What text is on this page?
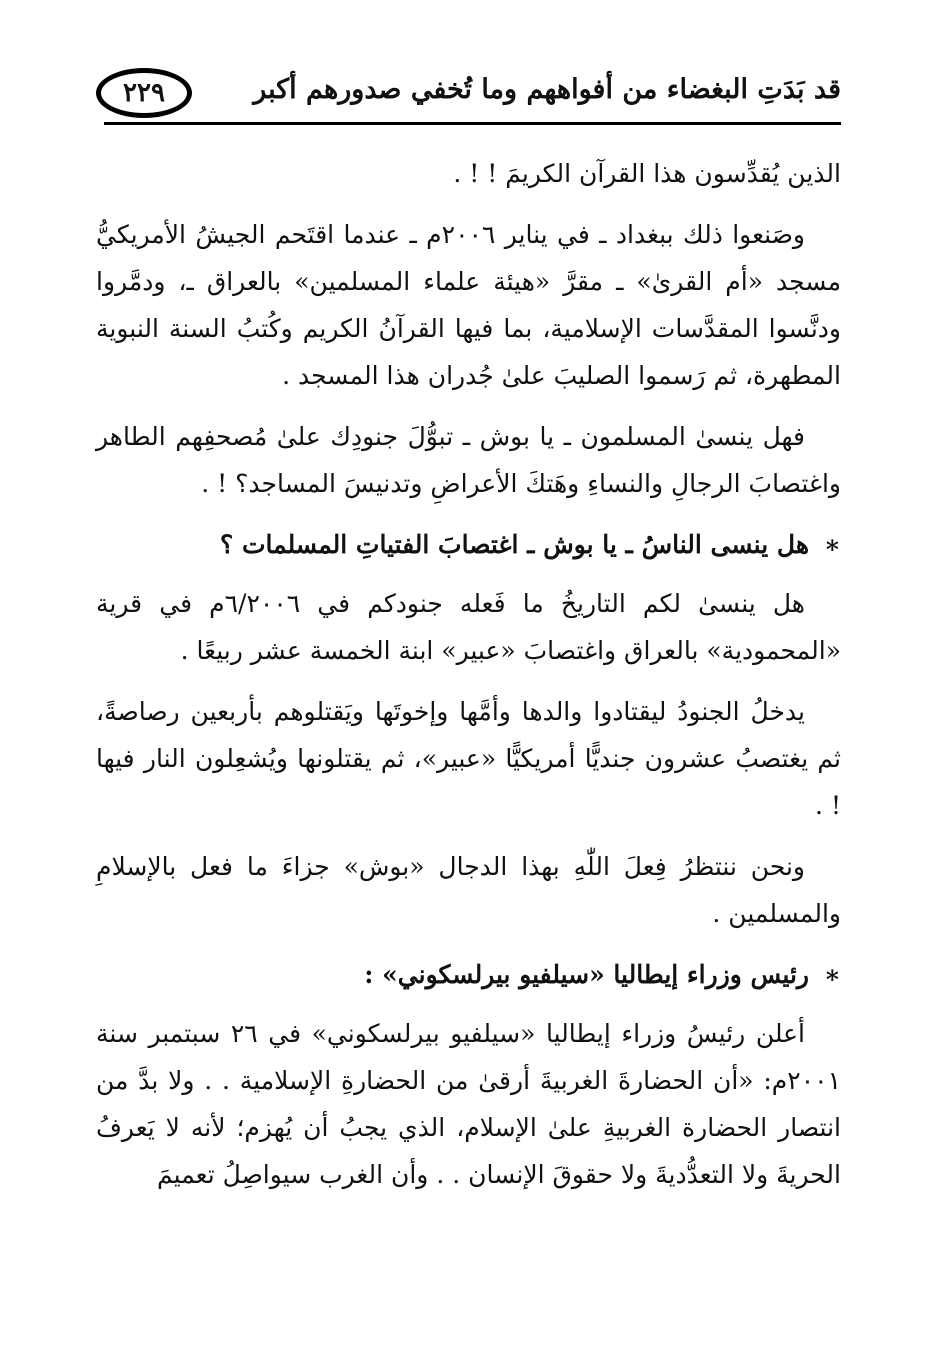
قد بَدَتِ البغضاء من أفواههم وما تُخفي صدورهم أكبر
٢٢٩

الذين يُقدِّسون هذا القرآن الكريمَ ! ! .

وصَنعوا ذلك ببغداد ـ في يناير ٢٠٠٦م ـ عندما اقتَحم الجيشُ الأمريكيُّ مسجد «أم القرىٰ» ـ مقرَّ «هيئة علماء المسلمين» بالعراق ـ، ودمَّروا ودنَّسوا المقدَّسات الإسلامية، بما فيها القرآنُ الكريم وكُتبُ السنة النبوية المطهرة، ثم رَسموا الصليبَ علىٰ جُدران هذا المسجد .

فهل ينسىٰ المسلمون ـ يا بوش ـ تبوُّلَ جنودِك علىٰ مُصحفِهم الطاهر واغتصابَ الرجالِ والنساءِ وهَتكَ الأعراضِ وتدنيسَ المساجد؟ ! .

∗ هل ينسى الناسُ ـ يا بوش ـ اغتصابَ الفتياتِ المسلمات ؟

هل ينسىٰ لكم التاريخُ ما فَعله جنودكم في ٦/٢٠٠٦م في قرية «المحمودية» بالعراق واغتصابَ «عبير» ابنة الخمسة عشر ربيعًا .

يدخلُ الجنودُ ليقتادوا والدها وأمَّها وإخوتَها ويَقتلوهم بأربعين رصاصةً، ثم يغتصبُ عشرون جنديًّا أمريكيًّا «عبير»، ثم يقتلونها ويُشعِلون النار فيها ! .

ونحن ننتظرُ فِعلَ اللّٰهِ بهذا الدجال «بوش» جزاءَ ما فعل بالإسلامِ والمسلمين .

∗ رئيس وزراء إيطاليا «سيلفيو بيرلسكوني» :

أعلن رئيسُ وزراء إيطاليا «سيلفيو بيرلسكوني» في ٢٦ سبتمبر سنة ٢٠٠١م: «أن الحضارةَ الغربيةَ أرقىٰ من الحضارةِ الإسلامية . . ولا بدَّ من انتصار الحضارة الغربيةِ علىٰ الإسلام، الذي يجبُ أن يُهزم؛ لأنه لا يَعرفُ الحريةَ ولا التعدُّديةَ ولا حقوقَ الإنسان . . وأن الغرب سيواصِلُ تعميمَ
